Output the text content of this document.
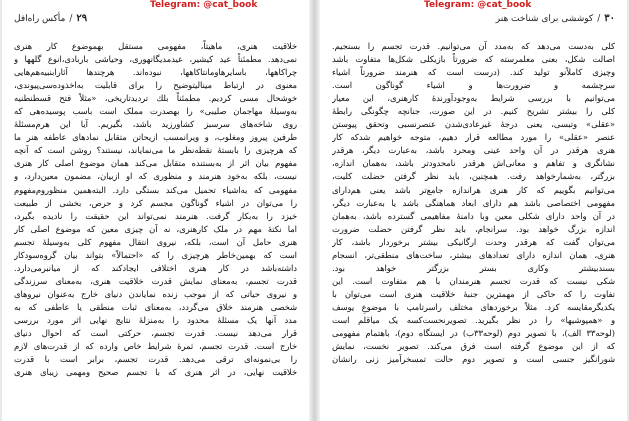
Telegram: @cat_book
۲۹/مأکس راه‌افل
خلاقیت هنری، ماهیتاً، مفهومی مستقل بهموضوع کار هنری
نمی‌دهد. مطمئناً عید کیشیر، عید‌مدیگانهوری، وحیاشی باربادی،انوع گلهها و
چراکاهها، باسایرها‌ومانتاکاهها، نبوده‌اند. هرچندها آثارابنبیه‌هم‌هایی
معنوی در ارتباط مینالیتوضیح را برای قابلیت به‌اخذوده‌سی‌پیوندی،
خوشحال مسی کردیم. مطمئناً بلك تردیدتاریخی، «مثلاً فتح قسطنطنیه
به‌وسیلهٔ مهاجمان صلیبی» را بهصدرت مملک است باسب پوسیده‌هی که
روی شاخه‌های سرسبز کشاورزید باشد، بگیریم. آیا این هرم‌مسئلهٔ
طرفین پیروز ومغلوب، و ویرانمسب ازیحاتن متقابل نمادهای عاطفه هنر ما
که هرچیزی را بابستهٔ نقطه‌نظر ما می‌نمایاند، نیستند؟ روشن است که آنچه
مفهوم بیان اثر از به‌بستنده متقابل می‌کند همان موضوع اصلی کار هنری
نیست، بلکه به‌خود هنرمند و منظوری که او ازبیان، مضمون معین‌دارد، و
مفهومی که به‌اشیاء تحمیل می‌کند بستگی دارد. البته‌همین منظوروم‌مفهوم
را می‌توان در اشیاء گوناگون مجسم کرد و حرص، بخشی از طبیعت
خیزد را به‌بکار گرفت. هنرمند نمی‌تواند این حقیقت را نادیده بگیرد،
اما نکتهٔ مهم در ملک کارهنری، نه آن چیزی معین که موضوع اصلی کار
هنری حامل آن است، بلکه، نیروی انتقال مفهوم کلی به‌وسیلهٔ تجسم
است که بهمین‌خاطر هرچیزی را که «احتمالاً» بتواند بیان گروه‌سودکار
داشته‌باشد در کار هنری اختلافی ایجادکند که از میانبرمی‌دارد.
قدرت تجسم، به‌معنای نمایش قدرت خلاقیت هنری، به‌معنای سرزندگی
و نیروی حیاتی که از موجب زنده نمایاندن دنیای خارج به‌عنوان نیروهای
شخصی هنرمند خلاق می‌گردد، به‌معنای ثبات منطقی یا عاطفی که به
مدد آنها یک مسئلهٔ محدود را به‌منزلهٔ نتایج نهایی اثر مورد بررسی
قرار می‌دهد نیست. قدرت تجسم، حرکتی است که احوال دنیای
خارج است. قدرت تجسم، ثمرهٔ شرایط خاص وارده که از قدرت‌های لازم
را بی‌نمونه‌ای ترقی می‌دهد. قدرت تجسم، برابر است با قدرت
خلاقیت نهایی، در اثر هنری که با تجسم صحیح ومهمی زیبای هنری
Telegram: @cat_book
۳۰/کوششی برای شناخت هنر
کلی به‌دست می‌دهد که به‌مدد آن می‌توانیم. قدرت تجسم را بسنجیم.
اصالت شکل، بعنی معلمرسته که ضرورتاً بازیکلی شکل‌ها متفاوت باشد
وچیزی کاملاً‌نو تولید کند. (درست است که هنرمند ضرورتاً اشیاء
سرچشمه و ضرورت‌ها و اشیاء گوناگون است.
می‌توانیم با بررسی شرایط به‌وجودآورندهٔ کارهنری، این معیار
کلی را بیشتر تشریح کنیم. در این صورت، جنانچه چگونگی رابطهٔ
«عقلی» وتبسی، یعنی درجهٔ غیرعادی‌شدن عنصرنسبی وتحقق پیوستن
عنصر «عقلی» را مورد مطالعه قرار دهیم، متوجه خواهیم شدکه کار
هنری هرقدر در آن واحد عینی ومحرد باشد، به‌عبارت دیگر، هرقدر
نشانگری و تفاهم و معانی‌اش هرقدر نامحدودتر باشد، به‌همان اندازه،
بزرگتر، به‌شمارخواهد رفت. همچنین، باید نظر گرفتن حضلت کلیت،
می‌توانیم بگوییم که کار هنری هراندازه جامع‌تر باشد یعنی هم‌دارای
مفهومی اختصاصی باشد هم دارای ابعاد هماهنگی باشد یا به‌عبارت دیگر،
در آن واحد دارای شکلی معین وبا دامنهٔ مفاهیمی گسترده باشد، به‌همان
اندازه بزرگ خواهد بود. سرانجام، باید نظر گرفتن حضلت ضرورت
می‌توان گفت که هرقدر وحدت ارگانیکی بیشتر برخوردار باشد، کار
هنری، همان اندازه دارای تعدادهای بیشتر، ساخت‌های منطقی‌تر، انسجام
بسندبیشتر وکاری بستر بزرگتر خواهد بود.
شکی نیست که قدرت تجسم هنرمندان با هم متفاوت است. این
تفاوت را که حاکی از مهمترین جنبهٔ خلاقیت هنری است می‌توان با
یکدیگرمقایسه کرد. مثلاً برخوردهای مختلف راسرتامپ با موضوعِ یوسف
و «همپوشیها» را در نظر بگیرید. تصویرنحست‌کسه یک میاقلم است
(لوحه۳۳ الف)، با تصویر دوم (لوحه۳۳ب) در ایستگاه دوم)، باهتمام مفهومی
که از این موضوع گرفته است فرق می‌کند. تصویر نخست، نمایش
شورانگیز جنسی است و تصویر دوم حالت تمسخرآمیز زنی رانشان
